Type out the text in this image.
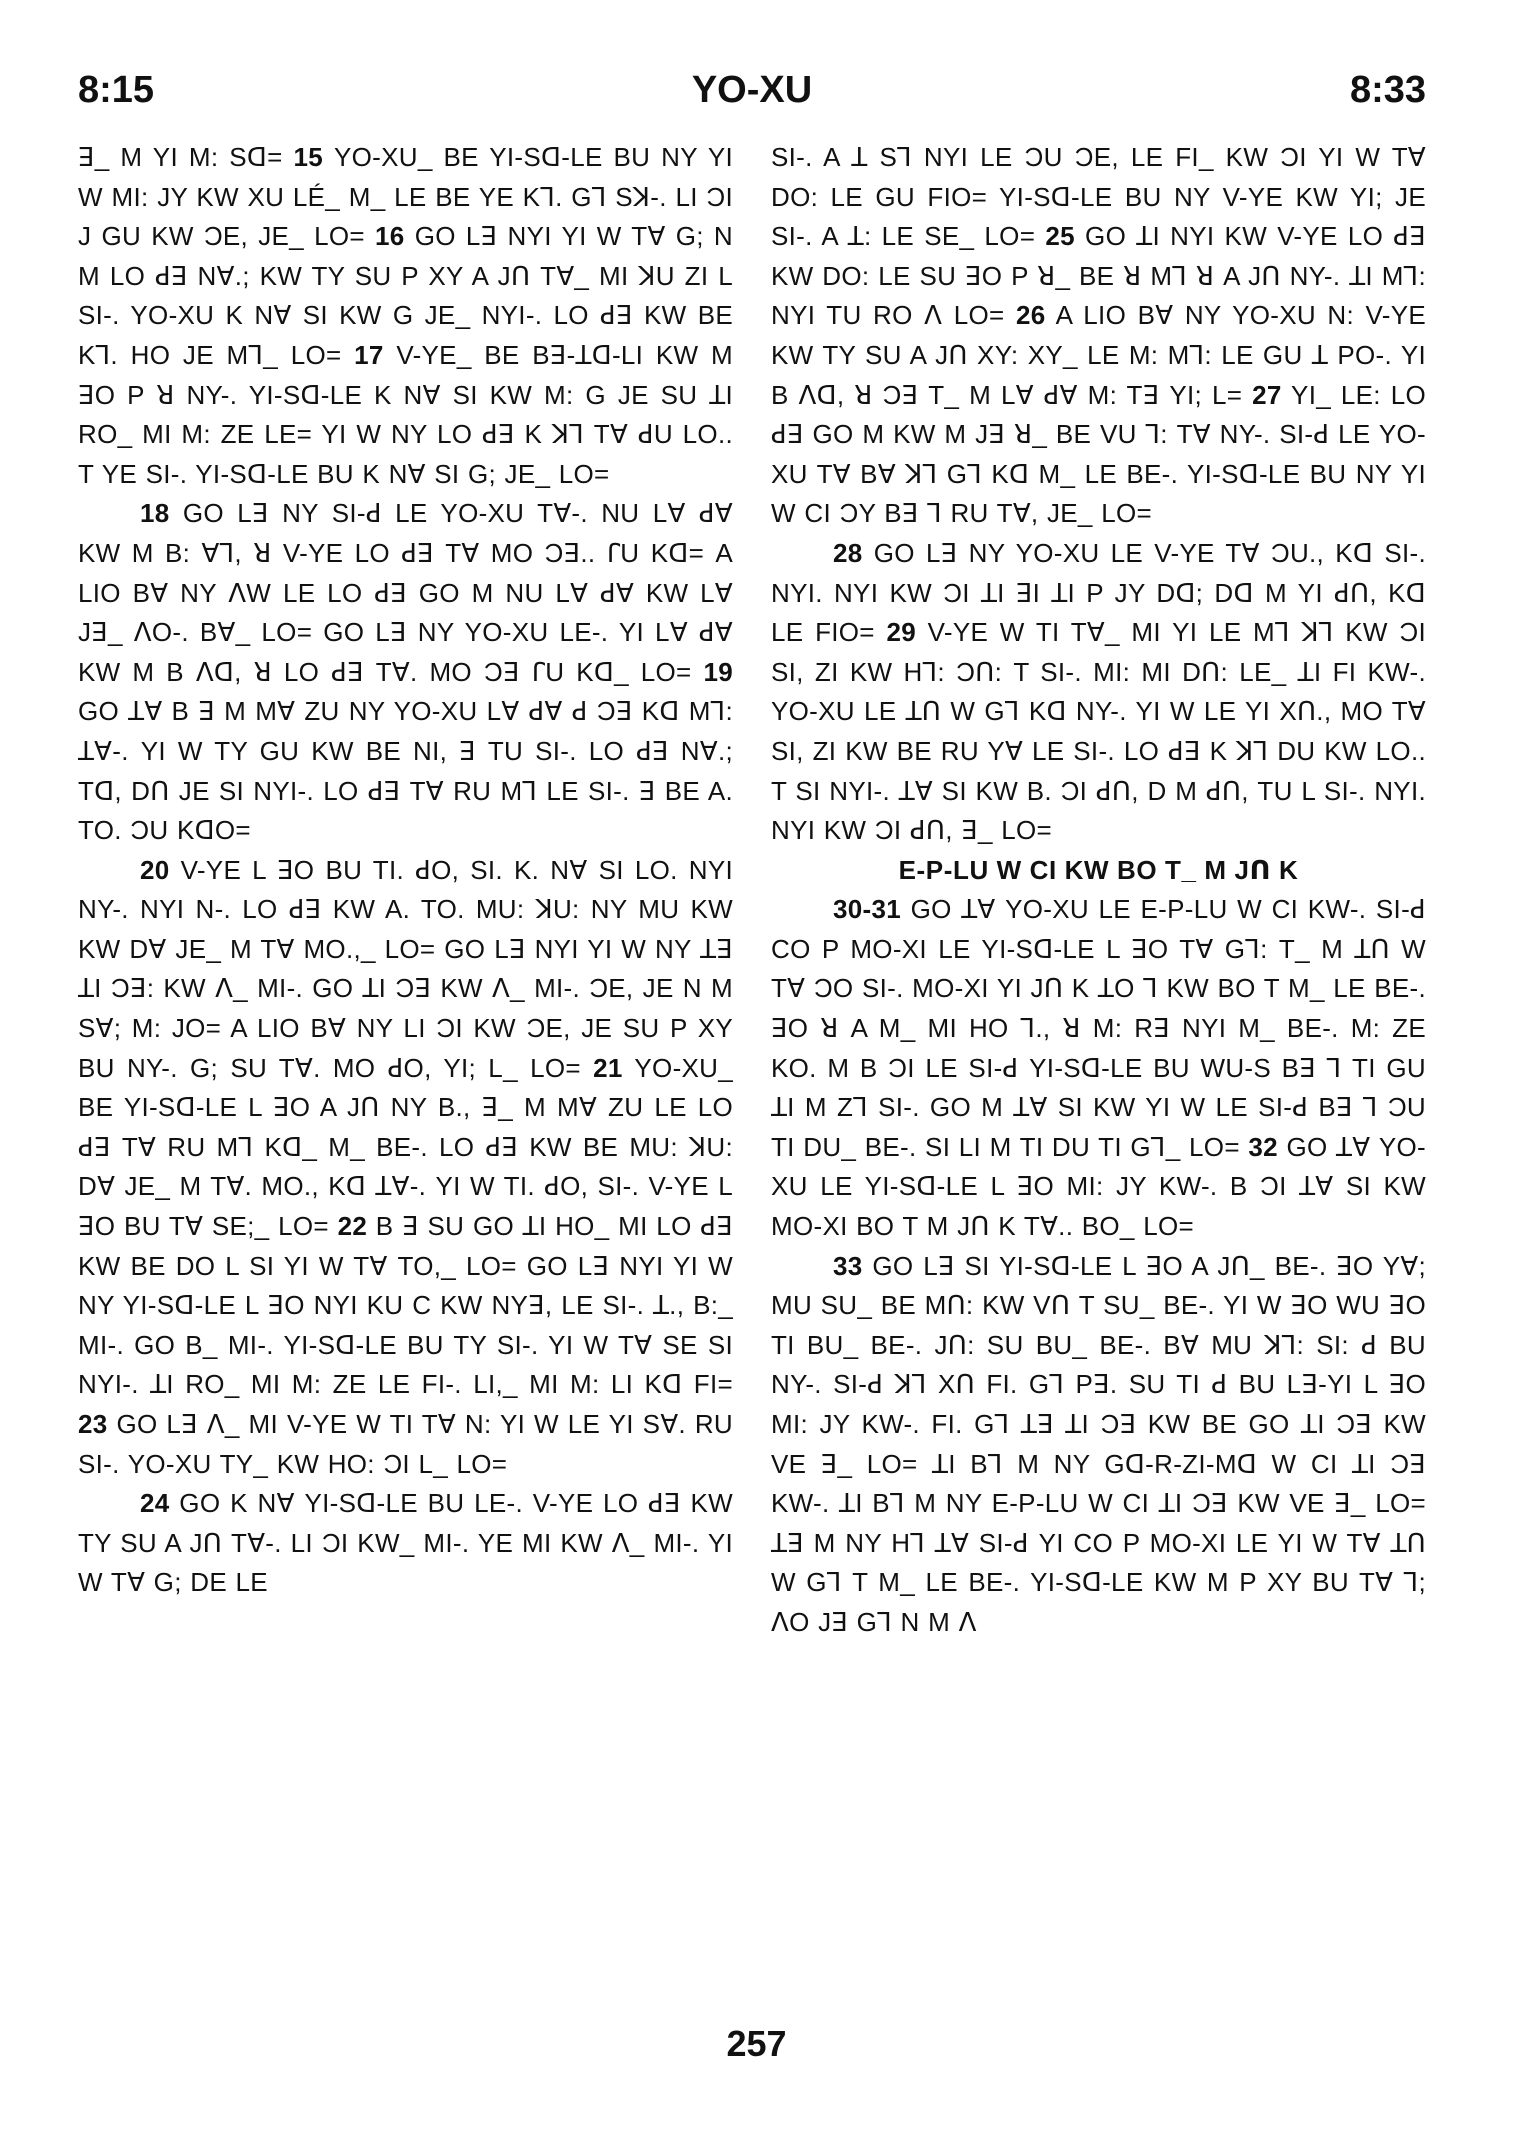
8:15	YO-XU	8:33

ꓱ_ M YI M: Sꓷ= 15 YO-XU_ BE YI-Sꓷ-LE BU NY YI W MI: JY KW XU LÉ_ M_ LE BE YE Kꓶ. Gꓶ Sꓘ-. LI ƆI J GU KW ƆE, JE_ LO= 16 GO Lꓱ NYI YI W Tꓯ G; N M LO ꓒꓱ Nꓯ.; KW TY SU P XY A Jꓵ Tꓯ_ MI ꓘU ZI L SI-. YO-XU K Nꓯ SI KW G JE_ NYI-. LO ꓒꓱ KW BE Kꓶ. HO JE Mꓶ_ LO= 17 V-YE_ BE Bꓱ-ꓕꓷ-LI KW M ꓱO P ꓤ NY-. YI-Sꓷ-LE K Nꓯ SI KW M: G JE SU ꓕI RO_ MI M: ZE LE= YI W NY LO ꓒꓱ K ꓘꓶ Tꓯ ꓒU LO.. T YE SI-. YI-Sꓷ-LE BU K Nꓯ SI G; JE_ LO=

18 GO Lꓱ NY SI-ꓒ LE YO-XU Tꓯ-. NU Lꓯ ꓒꓯ KW M B: ꓯꓶ, ꓤ V-YE LO ꓒꓱ Tꓯ MO Ɔꓱ.. ꓩU Kꓷ= A LIO Bꓯ NY ꓥW LE LO ꓒꓱ GO M NU Lꓯ ꓒꓯ KW Lꓯ Jꓱ_ ꓥO-. Bꓯ_ LO= GO Lꓱ NY YO-XU LE-. YI Lꓯ ꓒꓯ KW M B ꓥꓷ, ꓤ LO ꓒꓱ Tꓯ. MO Ɔꓱ ꓩU Kꓷ_ LO= 19 GO ꓕꓯ B ꓱ M Mꓯ ZU NY YO-XU Lꓯ ꓒꓯ ꓒ Ɔꓱ Kꓷ Mꓶ: ꓕꓯ-. YI W TY GU KW BE NI, ꓱ TU SI-. LO ꓒꓱ Nꓯ.; Tꓷ, Dꓵ JE SI NYI-. LO ꓒꓱ Tꓯ RU Mꓶ LE SI-. ꓱ BE A. TO. ƆU KꓷO=

20 V-YE L ꓱO BU TI. ꓒO, SI. K. Nꓯ SI LO. NYI NY-. NYI N-. LO ꓒꓱ KW A. TO. MU: ꓘU: NY MU KW KW Dꓯ JE_ M Tꓯ MO.,_ LO= GO Lꓱ NYI YI W NY ꓕꓱ ꓕI Ɔꓱ: KW ꓥ_ MI-. GO ꓕI Ɔꓱ KW ꓥ_ MI-. ƆE, JE N M Sꓯ; M: JO= A LIO Bꓯ NY LI ƆI KW ƆE, JE SU P XY BU NY-. G; SU Tꓯ. MO ꓒO, YI; L_ LO= 21 YO-XU_ BE YI-Sꓷ-LE L ꓱO A Jꓵ NY B., ꓱ_ M Mꓯ ZU LE LO ꓒꓱ Tꓯ RU Mꓶ Kꓷ_ M_ BE-. LO ꓒꓱ KW BE MU: ꓘU: Dꓯ JE_ M Tꓯ. MO., Kꓷ ꓕꓯ-. YI W TI. ꓒO, SI-. V-YE L ꓱO BU Tꓯ SE;_ LO= 22 B ꓱ SU GO ꓕI HO_ MI LO ꓒꓱ KW BE DO L SI YI W Tꓯ TO,_ LO= GO Lꓱ NYI YI W NY YI-Sꓷ-LE L ꓱO NYI KU C KW NYꓱ, LE SI-. ꓕ., B:_ MI-. GO B_ MI-. YI-Sꓷ-LE BU TY SI-. YI W Tꓯ SE SI NYI-. ꓕI RO_ MI M: ZE LE FI-. LI,_ MI M: LI Kꓷ FI= 23 GO Lꓱ ꓥ_ MI V-YE W TI Tꓯ N: YI W LE YI Sꓯ. RU SI-. YO-XU TY_ KW HO: ƆI L_ LO=

24 GO K Nꓯ YI-Sꓷ-LE BU LE-. V-YE LO ꓒꓱ KW TY SU A Jꓵ Tꓯ-. LI ƆI KW_ MI-. YE MI KW ꓥ_ MI-. YI W Tꓯ G; DE LE

SI-. A ꓕ Sꓶ NYI LE ƆU ƆE, LE FI_ KW ƆI YI W Tꓯ DO: LE GU FIO= YI-Sꓷ-LE BU NY V-YE KW YI; JE SI-. A ꓕ: LE SE_ LO= 25 GO ꓕI NYI KW V-YE LO ꓒꓱ KW DO: LE SU ꓱO P ꓤ_ BE ꓤ Mꓶ ꓤ A Jꓵ NY-. ꓕI Mꓶ: NYI TU RO ꓥ LO= 26 A LIO Bꓯ NY YO-XU N: V-YE KW TY SU A Jꓵ XY: XY_ LE M: Mꓶ: LE GU ꓕ PO-. YI B ꓥꓷ, ꓤ Ɔꓱ T_ M Lꓯ ꓒꓯ M: Tꓱ YI; L= 27 YI_ LE: LO ꓒꓱ GO M KW M Jꓱ ꓤ_ BE VU ꓶ: Tꓯ NY-. SI-ꓒ LE YO-XU Tꓯ Bꓯ ꓘꓶ Gꓶ Kꓷ M_ LE BE-. YI-Sꓷ-LE BU NY YI W CI ƆY Bꓱ ꓶ RU Tꓯ, JE_ LO=

28 GO Lꓱ NY YO-XU LE V-YE Tꓯ ƆU., Kꓷ SI-. NYI. NYI KW ƆI ꓕI ꓱI ꓕI P JY Dꓷ; Dꓷ M YI ꓒꓵ, Kꓷ LE FIO= 29 V-YE W TI Tꓯ_ MI YI LE Mꓶ ꓘꓶ KW ƆI SI, ZI KW Hꓶ: Ɔꓵ: T SI-. MI: MI Dꓵ: LE_ ꓕI FI KW-. YO-XU LE ꓕꓵ W Gꓶ Kꓷ NY-. YI W LE YI Xꓵ., MO Tꓯ SI, ZI KW BE RU Yꓯ LE SI-. LO ꓒꓱ K ꓘꓶ DU KW LO.. T SI NYI-. ꓕꓯ SI KW B. ƆI ꓒꓵ, D M ꓒꓵ, TU L SI-. NYI. NYI KW ƆI ꓒꓵ, ꓱ_ LO=

E-P-LU W CI KW BO T_ M Jꓵ K

30-31 GO ꓕꓯ YO-XU LE E-P-LU W CI KW-. SI-ꓒ CO P MO-XI LE YI-Sꓷ-LE L ꓱO Tꓯ Gꓶ: T_ M ꓕꓵ W Tꓯ ƆO SI-. MO-XI YI Jꓵ K ꓕO ꓶ KW BO T M_ LE BE-. ꓱO ꓤ A M_ MI HO ꓶ., ꓤ M: Rꓱ NYI M_ BE-. M: ZE KO. M B ƆI LE SI-ꓒ YI-Sꓷ-LE BU WU-S Bꓱ ꓶ TI GU ꓕI M Zꓶ SI-. GO M ꓕꓯ SI KW YI W LE SI-ꓒ Bꓱ ꓶ ƆU TI DU_ BE-. SI LI M TI DU TI Gꓶ_ LO= 32 GO ꓕꓯ YO-XU LE YI-Sꓷ-LE L ꓱO MI: JY KW-. B ƆI ꓕꓯ SI KW MO-XI BO T M Jꓵ K Tꓯ.. BO_ LO=

33 GO Lꓱ SI YI-Sꓷ-LE L ꓱO A Jꓵ_ BE-. ꓱO Yꓯ; MU SU_ BE Mꓵ: KW Vꓵ T SU_ BE-. YI W ꓱO WU ꓱO TI BU_ BE-. Jꓵ: SU BU_ BE-. Bꓯ MU ꓘꓶ: SI: ꓒ BU NY-. SI-ꓒ ꓘꓶ Xꓵ FI. Gꓶ Pꓱ. SU TI ꓒ BU Lꓱ-YI L ꓱO MI: JY KW-. FI. Gꓶ ꓕꓱ ꓕI Ɔꓱ KW BE GO ꓕI Ɔꓱ KW VE ꓱ_ LO= ꓕI Bꓶ M NY Gꓷ-R-ZI-Mꓷ W CI ꓕI Ɔꓱ KW-. ꓕI Bꓶ M NY E-P-LU W CI ꓕI Ɔꓱ KW VE ꓱ_ LO= ꓕꓱ M NY Hꓶ ꓕꓯ SI-ꓒ YI CO P MO-XI LE YI W Tꓯ ꓕꓵ W Gꓶ T M_ LE BE-. YI-Sꓷ-LE KW M P XY BU Tꓯ ꓶ; ꓥO Jꓱ Gꓶ N M ꓥ

257
